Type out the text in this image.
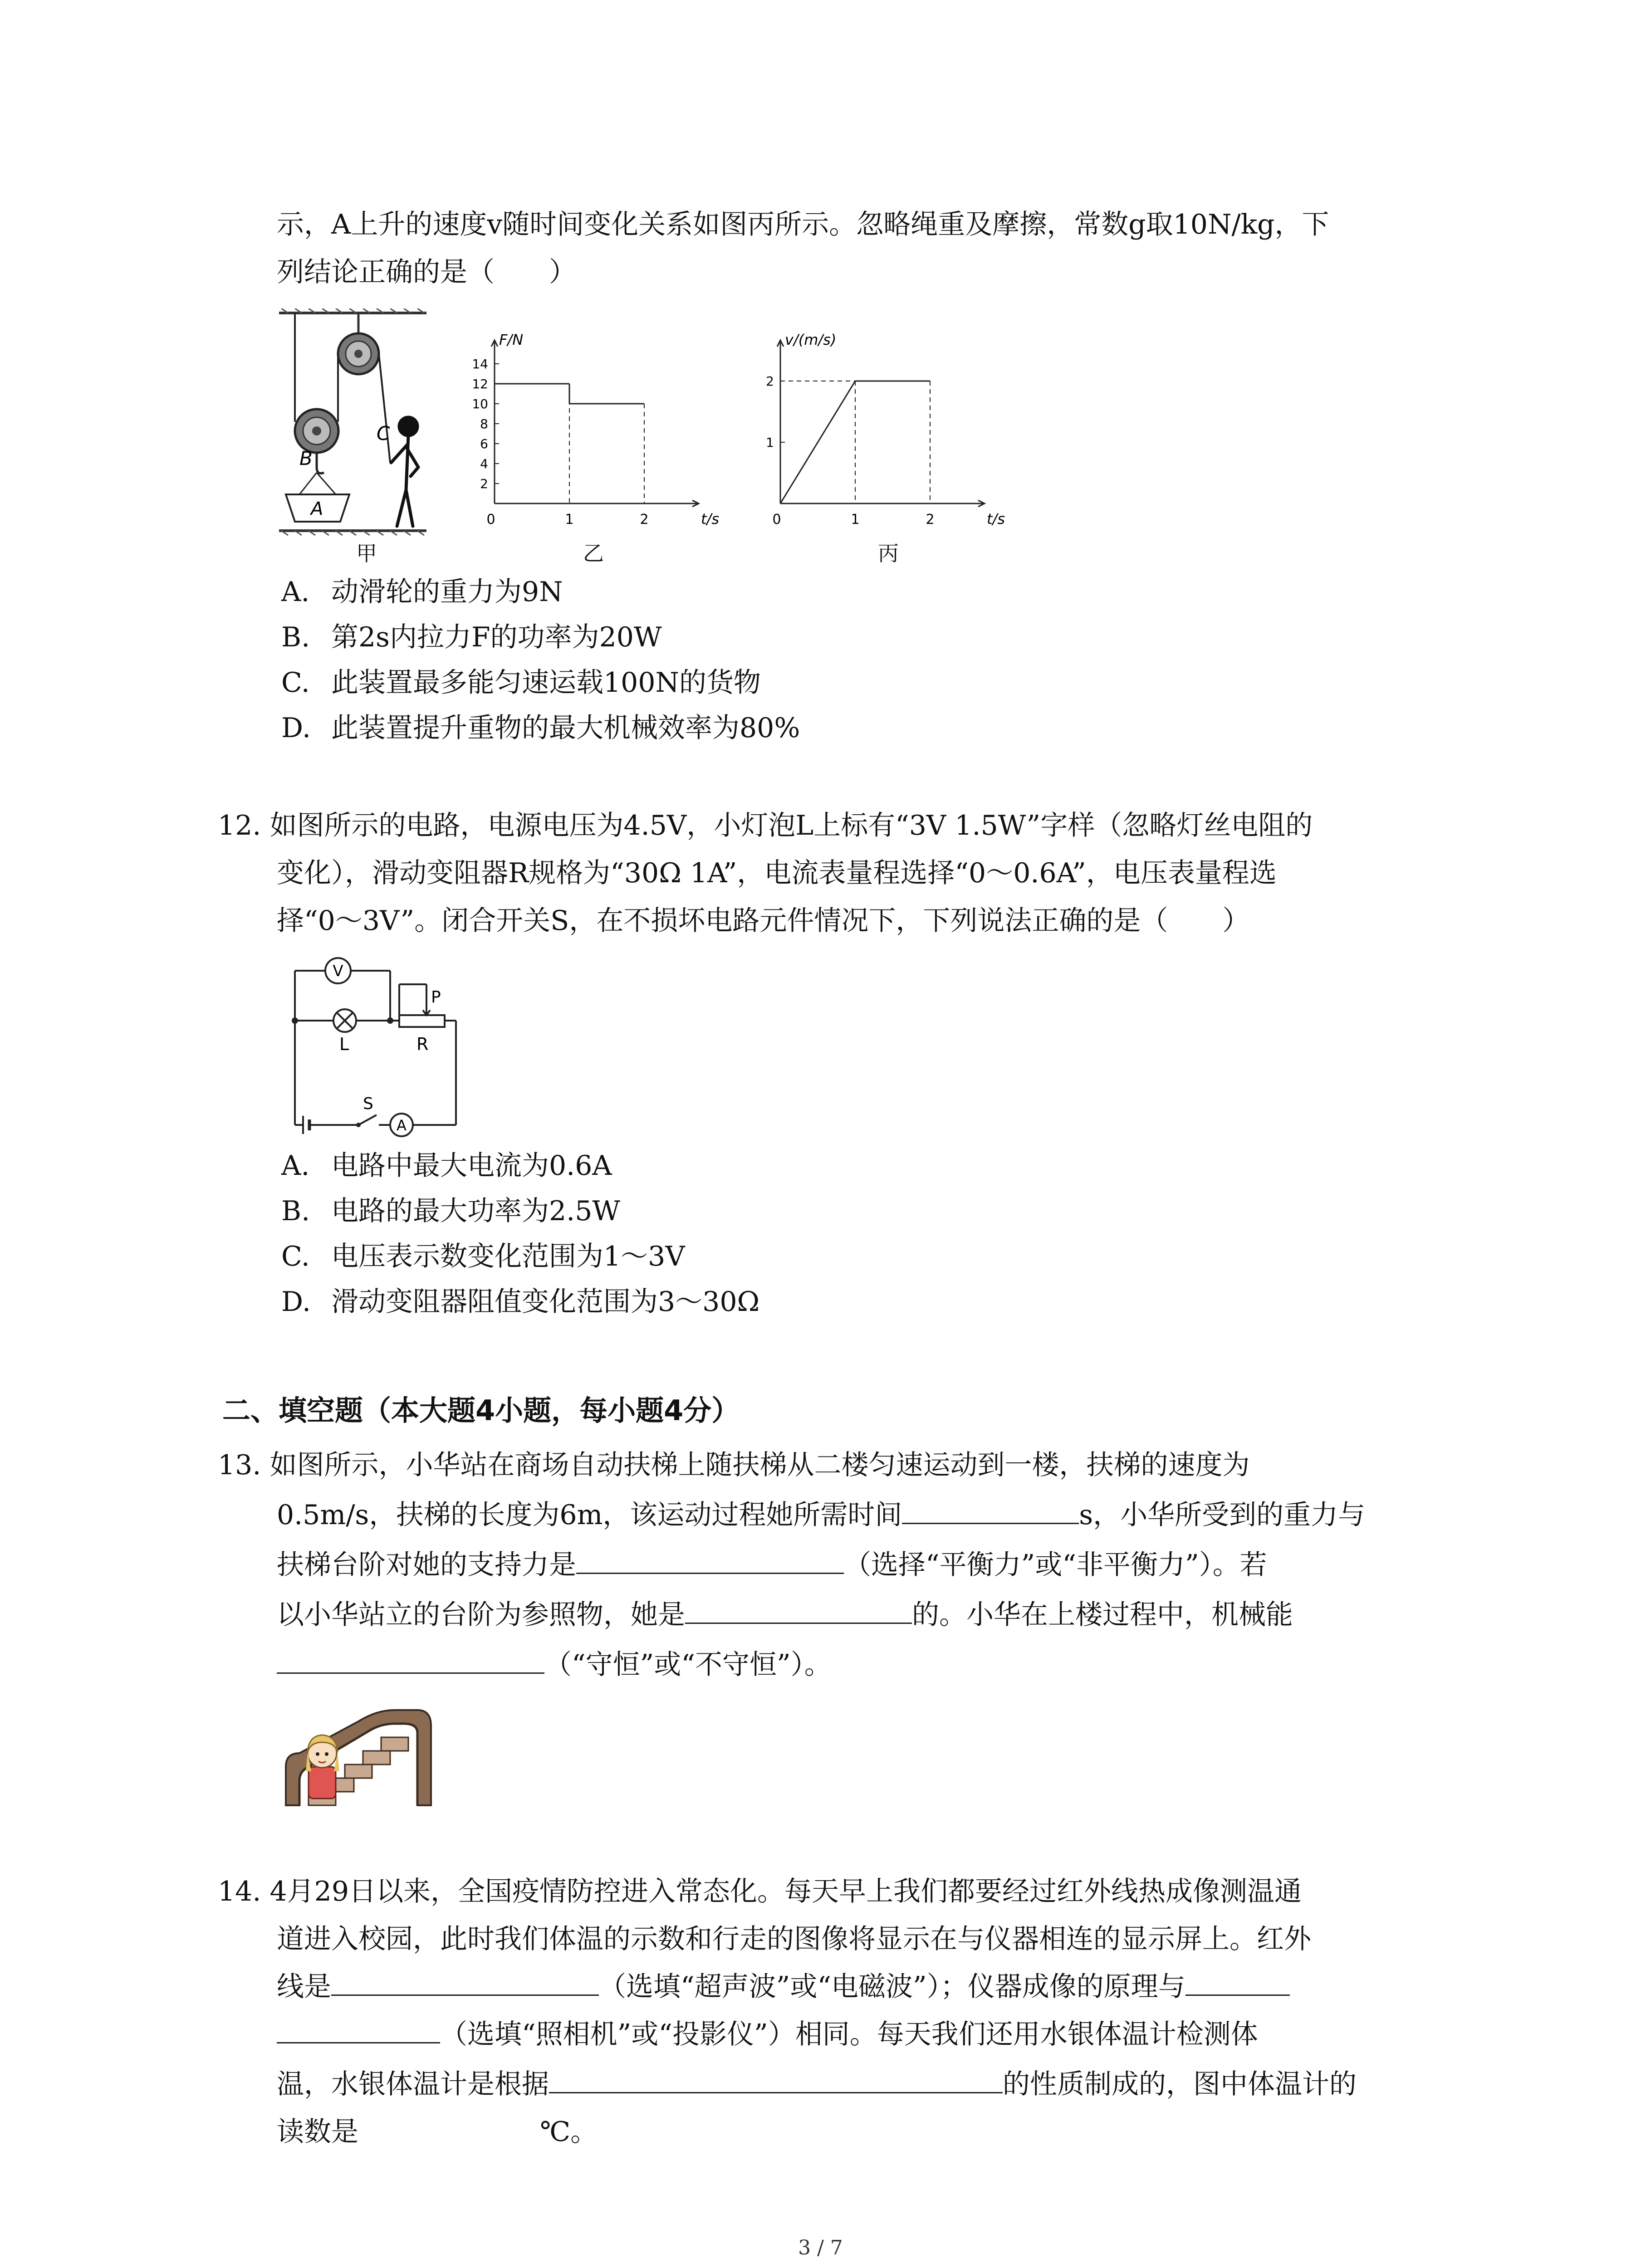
示，A上升的速度v随时间变化关系如图丙所示。忽略绳重及摩擦，常数g取10N/kg，下
列结论正确的是（　　）
B
C
A
F/N
t/s
0
14
12
10
8
6
4
2
1	2
v/(m/s)
t/s
0
2
1
1	2
甲	乙	丙
A. 动滑轮的重力为9N
B. 第2s内拉力F的功率为20W
C. 此装置最多能匀速运载100N的货物
D. 此装置提升重物的最大机械效率为80%
12. 如图所示的电路，电源电压为4.5V，小灯泡L上标有“3V 1.5W”字样（忽略灯丝电阻的
变化），滑动变阻器R规格为“30Ω 1A”，电流表量程选择“0～0.6A”，电压表量程选
择“0～3V”。闭合开关S，在不损坏电路元件情况下，下列说法正确的是（　　）
V
L
P
R
S
A
A. 电路中最大电流为0.6A
B. 电路的最大功率为2.5W
C. 电压表示数变化范围为1～3V
D. 滑动变阻器阻值变化范围为3～30Ω
二、填空题（本大题4小题，每小题4分）
13. 如图所示，小华站在商场自动扶梯上随扶梯从二楼匀速运动到一楼，扶梯的速度为
0.5m/s，扶梯的长度为6m，该运动过程她所需时间	s，小华所受到的重力与
扶梯台阶对她的支持力是	（选择“平衡力”或“非平衡力”）。若
以小华站立的台阶为参照物，她是	的。小华在上楼过程中，机械能
（“守恒”或“不守恒”）。
14. 4月29日以来，全国疫情防控进入常态化。每天早上我们都要经过红外线热成像测温通
道进入校园，此时我们体温的示数和行走的图像将显示在与仪器相连的显示屏上。红外
线是	（选填“超声波”或“电磁波”）；仪器成像的原理与
（选填“照相机”或“投影仪”）相同。每天我们还用水银体温计检测体
温，水银体温计是根据	的性质制成的，图中体温计的
读数是	℃。
3 / 7
